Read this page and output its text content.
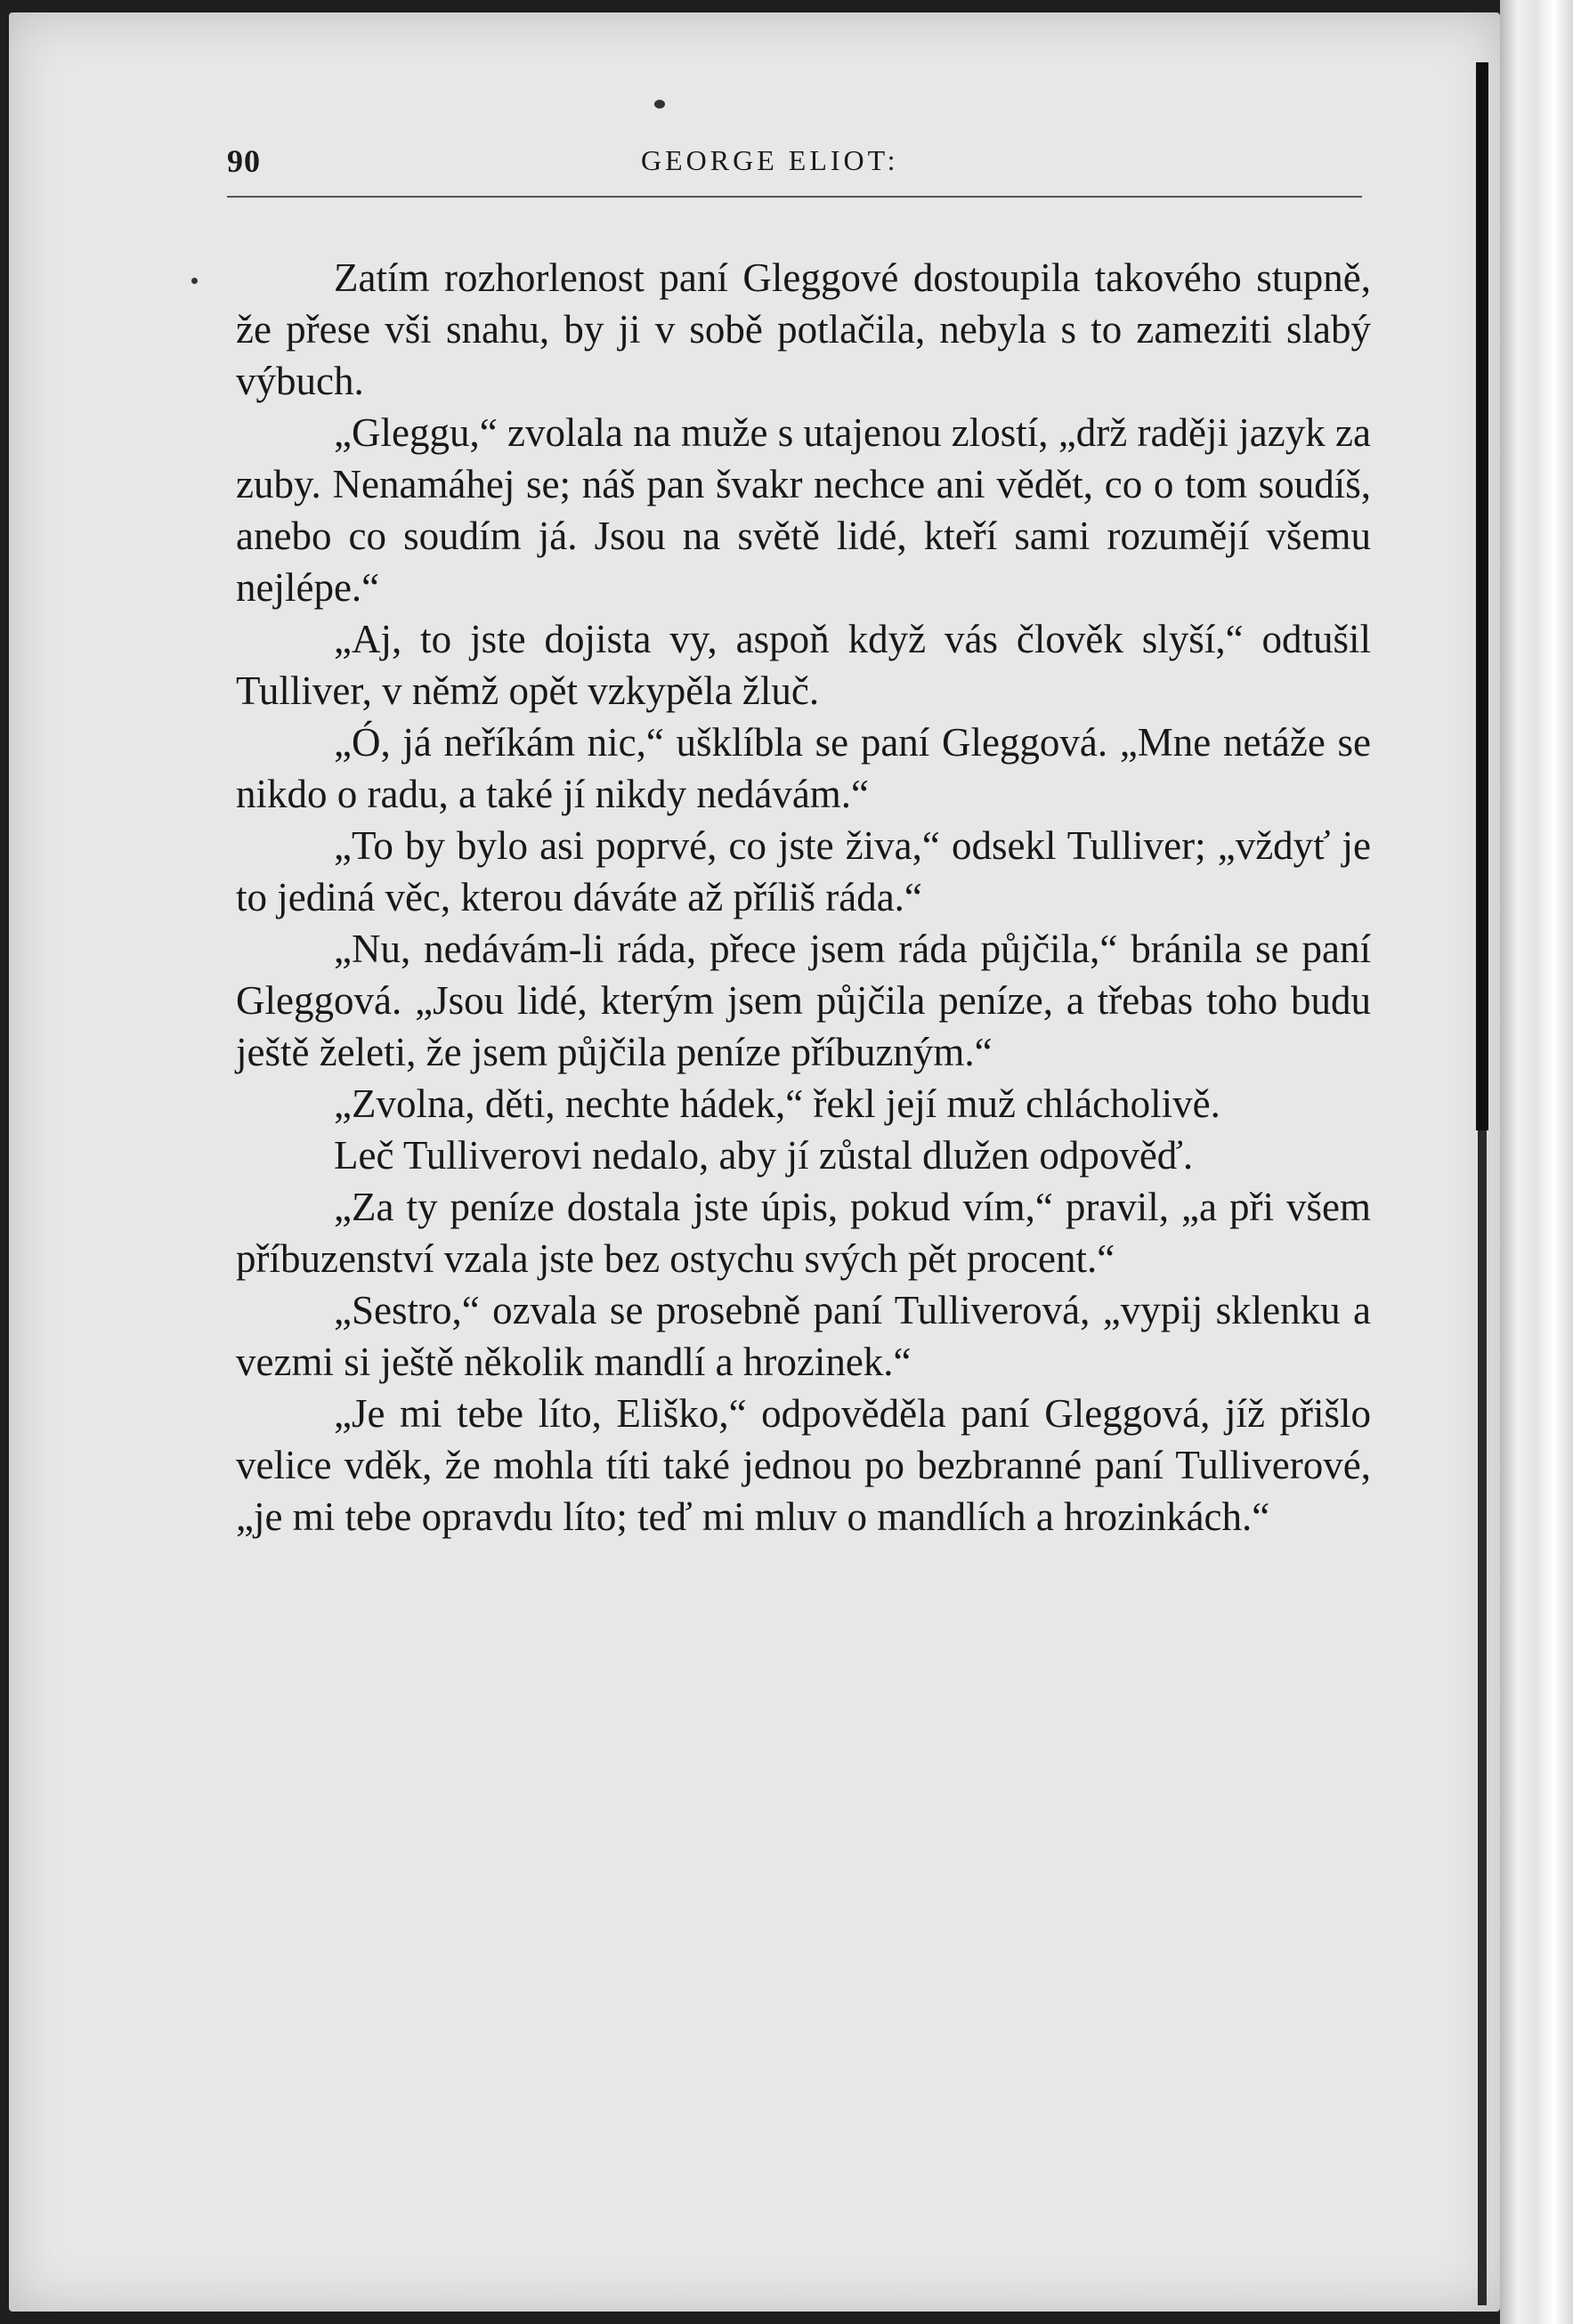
90	GEORGE ELIOT:

Zatím rozhorlenost paní Gleggové dostoupila takového stupně, že přese vši snahu, by ji v sobě potlačila, nebyla s to zameziti slabý výbuch.

„Gleggu,“ zvolala na muže s utajenou zlostí, „drž raději jazyk za zuby. Nenamáhej se; náš pan švakr nechce ani vědět, co o tom soudíš, anebo co soudím já. Jsou na světě lidé, kteří sami rozumějí všemu nejlépe.“

„Aj, to jste dojista vy, aspoň když vás člověk slyší,“ odtušil Tulliver, v němž opět vzkypěla žluč.

„Ó, já neříkám nic,“ ušklíbla se paní Gleggová. „Mne netáže se nikdo o radu, a také jí nikdy nedávám.“

„To by bylo asi poprvé, co jste živa,“ odsekl Tulliver; „vždyť je to jediná věc, kterou dáváte až příliš ráda.“

„Nu, nedávám-li ráda, přece jsem ráda půjčila,“ bránila se paní Gleggová. „Jsou lidé, kterým jsem půjčila peníze, a třebas toho budu ještě želeti, že jsem půjčila peníze příbuzným.“

„Zvolna, děti, nechte hádek,“ řekl její muž chlácholivě.

Leč Tulliverovi nedalo, aby jí zůstal dlužen odpověď.

„Za ty peníze dostala jste úpis, pokud vím,“ pravil, „a při všem příbuzenství vzala jste bez ostychu svých pět procent.“

„Sestro,“ ozvala se prosebně paní Tulliverová, „vypij sklenku a vezmi si ještě několik mandlí a hrozinek.“

„Je mi tebe líto, Eliško,“ odpověděla paní Gleggová, jíž přišlo velice vděk, že mohla títi také jednou po bezbranné paní Tulliverové, „je mi tebe opravdu líto; teď mi mluv o mandlích a hrozinkách.“
